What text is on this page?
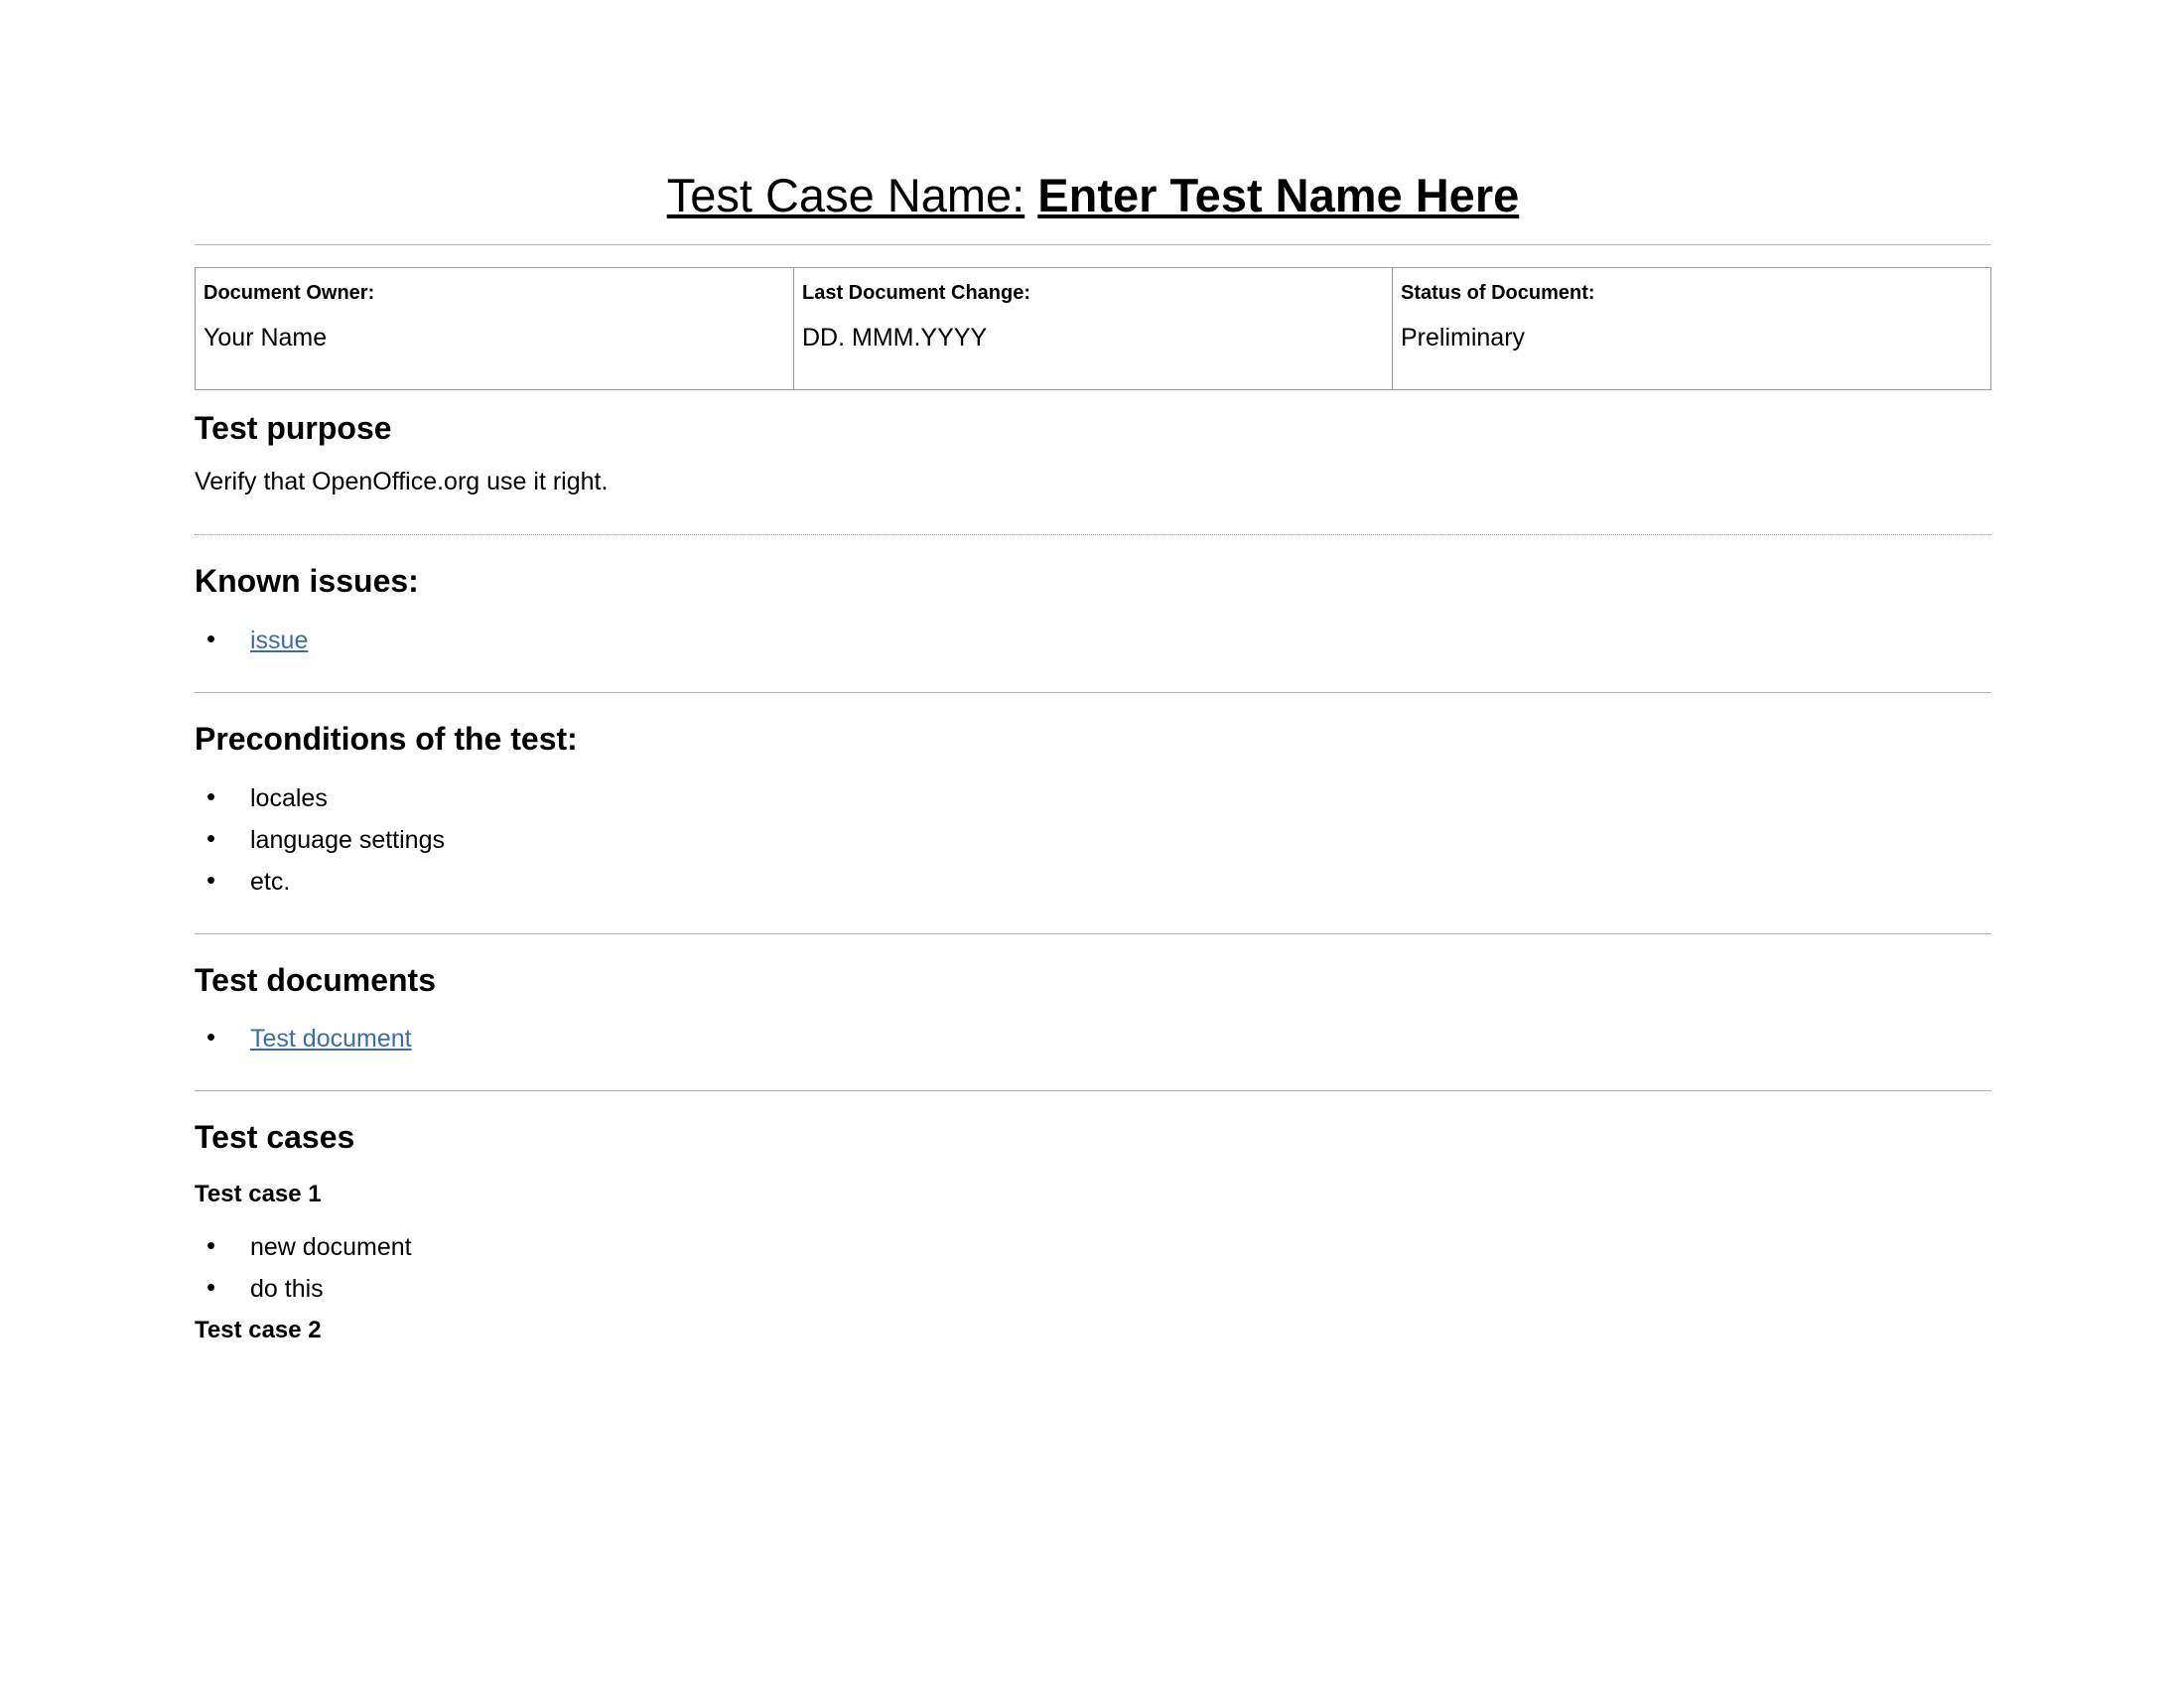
Test Case Name: Enter Test Name Here
Document Owner:
Your Name

Last Document Change:
DD. MMM.YYYY

Status of Document:
Preliminary
Test purpose

Verify that OpenOffice.org use it right.

Known issues:
• issue
Preconditions of the test:
• locales
• language settings
• etc.
Test documents
• Test document
Test cases
Test case 1
• new document
• do this
Test case 2
